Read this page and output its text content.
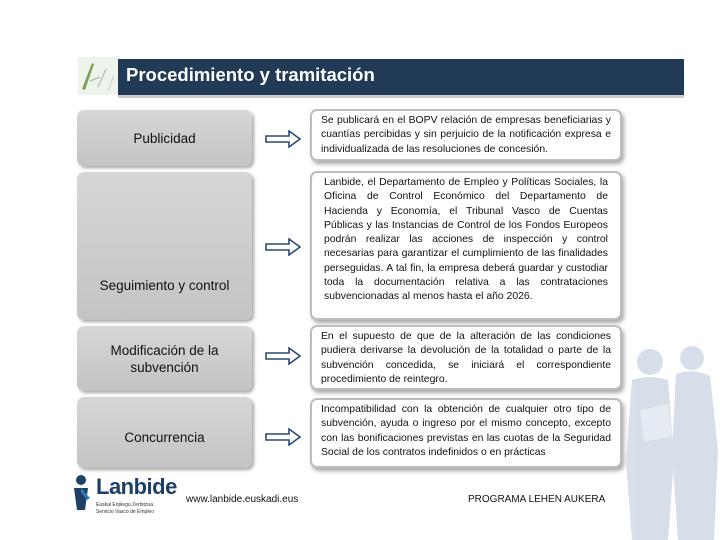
Procedimiento y tramitación
Publicidad
Se publicará en el BOPV relación de empresas beneficiarias y cuantías percibidas y sin perjuicio de la notificación expresa e individualizada de las resoluciones de concesión.
Seguimiento y control
Lanbide, el Departamento de Empleo y Políticas Sociales, la Oficina de Control Económico del Departamento de Hacienda y Economía, el Tribunal Vasco de Cuentas Públicas y las Instancias de Control de los Fondos Europeos podrán realizar las acciones de inspección y control necesarias para garantizar el cumplimiento de las finalidades perseguidas. A tal fin, la empresa deberá guardar y custodiar toda la documentación relativa a las contrataciones subvencionadas al menos hasta el año 2026.
Modificación de la subvención
En el supuesto de que de la alteración de las condiciones pudiera derivarse la devolución de la totalidad o parte de la subvención concedida, se iniciará el correspondiente procedimiento de reintegro.
Concurrencia
Incompatibilidad con la obtención de cualquier otro tipo de subvención, ayuda o ingreso por el mismo concepto, excepto con las bonificaciones previstas en las cuotas de la Seguridad Social de los contratos indefinidos o en prácticas
Lanbide
Euskal Enplegu Zerbitzua
Servicio Vasco de Empleo
www.lanbide.euskadi.eus	PROGRAMA LEHEN AUKERA
